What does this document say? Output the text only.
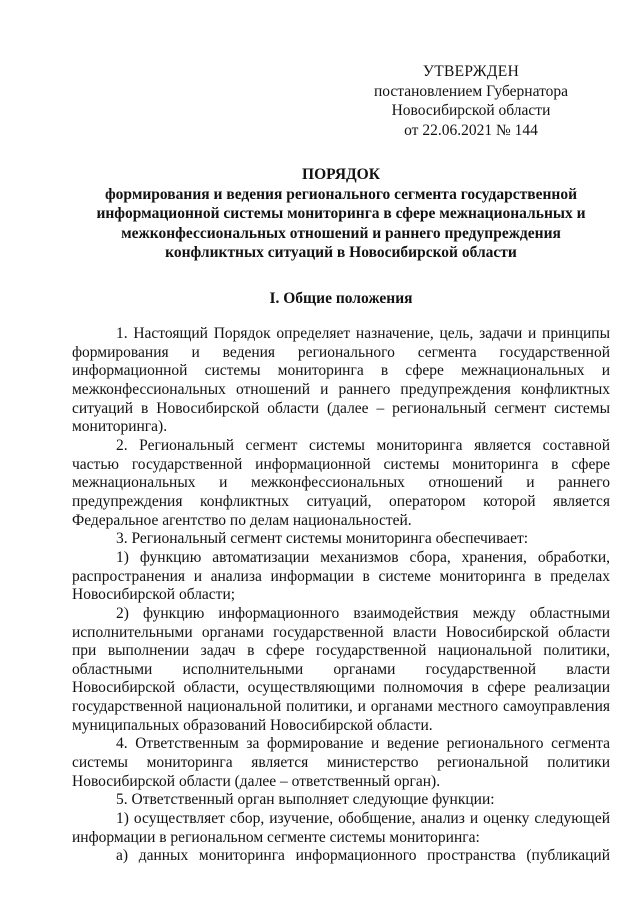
УТВЕРЖДЕН
постановлением Губернатора
Новосибирской области
от 22.06.2021 № 144
ПОРЯДОК
формирования и ведения регионального сегмента государственной информационной системы мониторинга в сфере межнациональных и межконфессиональных отношений и раннего предупреждения конфликтных ситуаций в Новосибирской области
I. Общие положения

1. Настоящий Порядок определяет назначение, цель, задачи и принципы формирования и ведения регионального сегмента государственной информационной системы мониторинга в сфере межнациональных и межконфессиональных отношений и раннего предупреждения конфликтных ситуаций в Новосибирской области (далее – региональный сегмент системы мониторинга).

2. Региональный сегмент системы мониторинга является составной частью государственной информационной системы мониторинга в сфере межнациональных и межконфессиональных отношений и раннего предупреждения конфликтных ситуаций, оператором которой является Федеральное агентство по делам национальностей.

3. Региональный сегмент системы мониторинга обеспечивает:

1) функцию автоматизации механизмов сбора, хранения, обработки, распространения и анализа информации в системе мониторинга в пределах Новосибирской области;

2) функцию информационного взаимодействия между областными исполнительными органами государственной власти Новосибирской области при выполнении задач в сфере государственной национальной политики, областными исполнительными органами государственной власти Новосибирской области, осуществляющими полномочия в сфере реализации государственной национальной политики, и органами местного самоуправления муниципальных образований Новосибирской области.

4. Ответственным за формирование и ведение регионального сегмента системы мониторинга является министерство региональной политики Новосибирской области (далее – ответственный орган).

5. Ответственный орган выполняет следующие функции:

1) осуществляет сбор, изучение, обобщение, анализ и оценку следующей информации в региональном сегменте системы мониторинга:

а) данных мониторинга информационного пространства (публикаций
